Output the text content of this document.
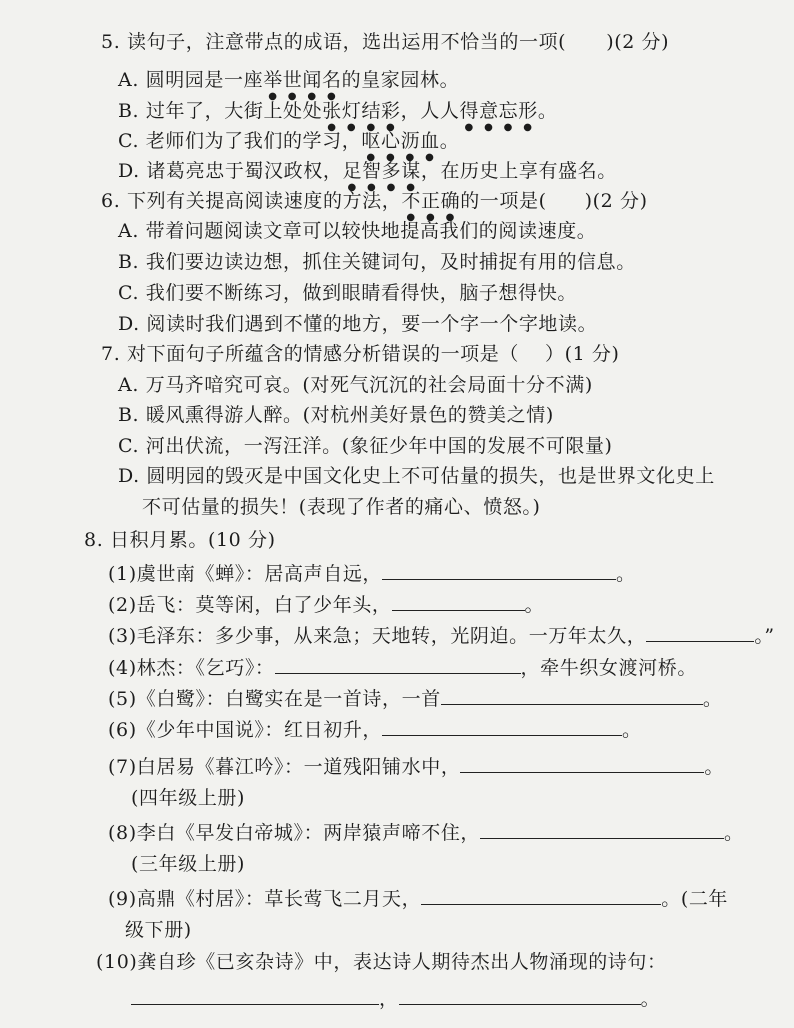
5. 读句子，注意带点的成语，选出运用不恰当的一项( )(2 分)
A. 圆明园是一座举世闻名的皇家园林。
B. 过年了，大街上处处张灯结彩，人人得意忘形。
C. 老师们为了我们的学习，呕心沥血。
D. 诸葛亮忠于蜀汉政权，足智多谋，在历史上享有盛名。
6. 下列有关提高阅读速度的方法，不正确的一项是( )(2 分)
A. 带着问题阅读文章可以较快地提高我们的阅读速度。
B. 我们要边读边想，抓住关键词句，及时捕捉有用的信息。
C. 我们要不断练习，做到眼睛看得快，脑子想得快。
D. 阅读时我们遇到不懂的地方，要一个字一个字地读。
7. 对下面句子所蕴含的情感分析错误的一项是（ ）(1 分)
A. 万马齐喑究可哀。(对死气沉沉的社会局面十分不满)
B. 暖风熏得游人醉。(对杭州美好景色的赞美之情)
C. 河出伏流，一泻汪洋。(象征少年中国的发展不可限量)
D. 圆明园的毁灭是中国文化史上不可估量的损失，也是世界文化史上
不可估量的损失！(表现了作者的痛心、愤怒。)
8. 日积月累。(10 分)
(1)虞世南《蝉》：居高声自远，	。
(2)岳飞：莫等闲，白了少年头，	。
(3)毛泽东：多少事，从来急；天地转，光阴迫。一万年太久，	。”
(4)林杰：《乞巧》：	，牵牛织女渡河桥。
(5)《白鹭》：白鹭实在是一首诗，一首	。
(6)《少年中国说》：红日初升，	。
(7)白居易《暮江吟》：一道残阳铺水中，	。
(四年级上册)
(8)李白《早发白帝城》：两岸猿声啼不住，	。
(三年级上册)
(9)高鼎《村居》：草长莺飞二月天，	。(二年
级下册)
(10)龚自珍《已亥杂诗》中，表达诗人期待杰出人物涌现的诗句：
，	。
